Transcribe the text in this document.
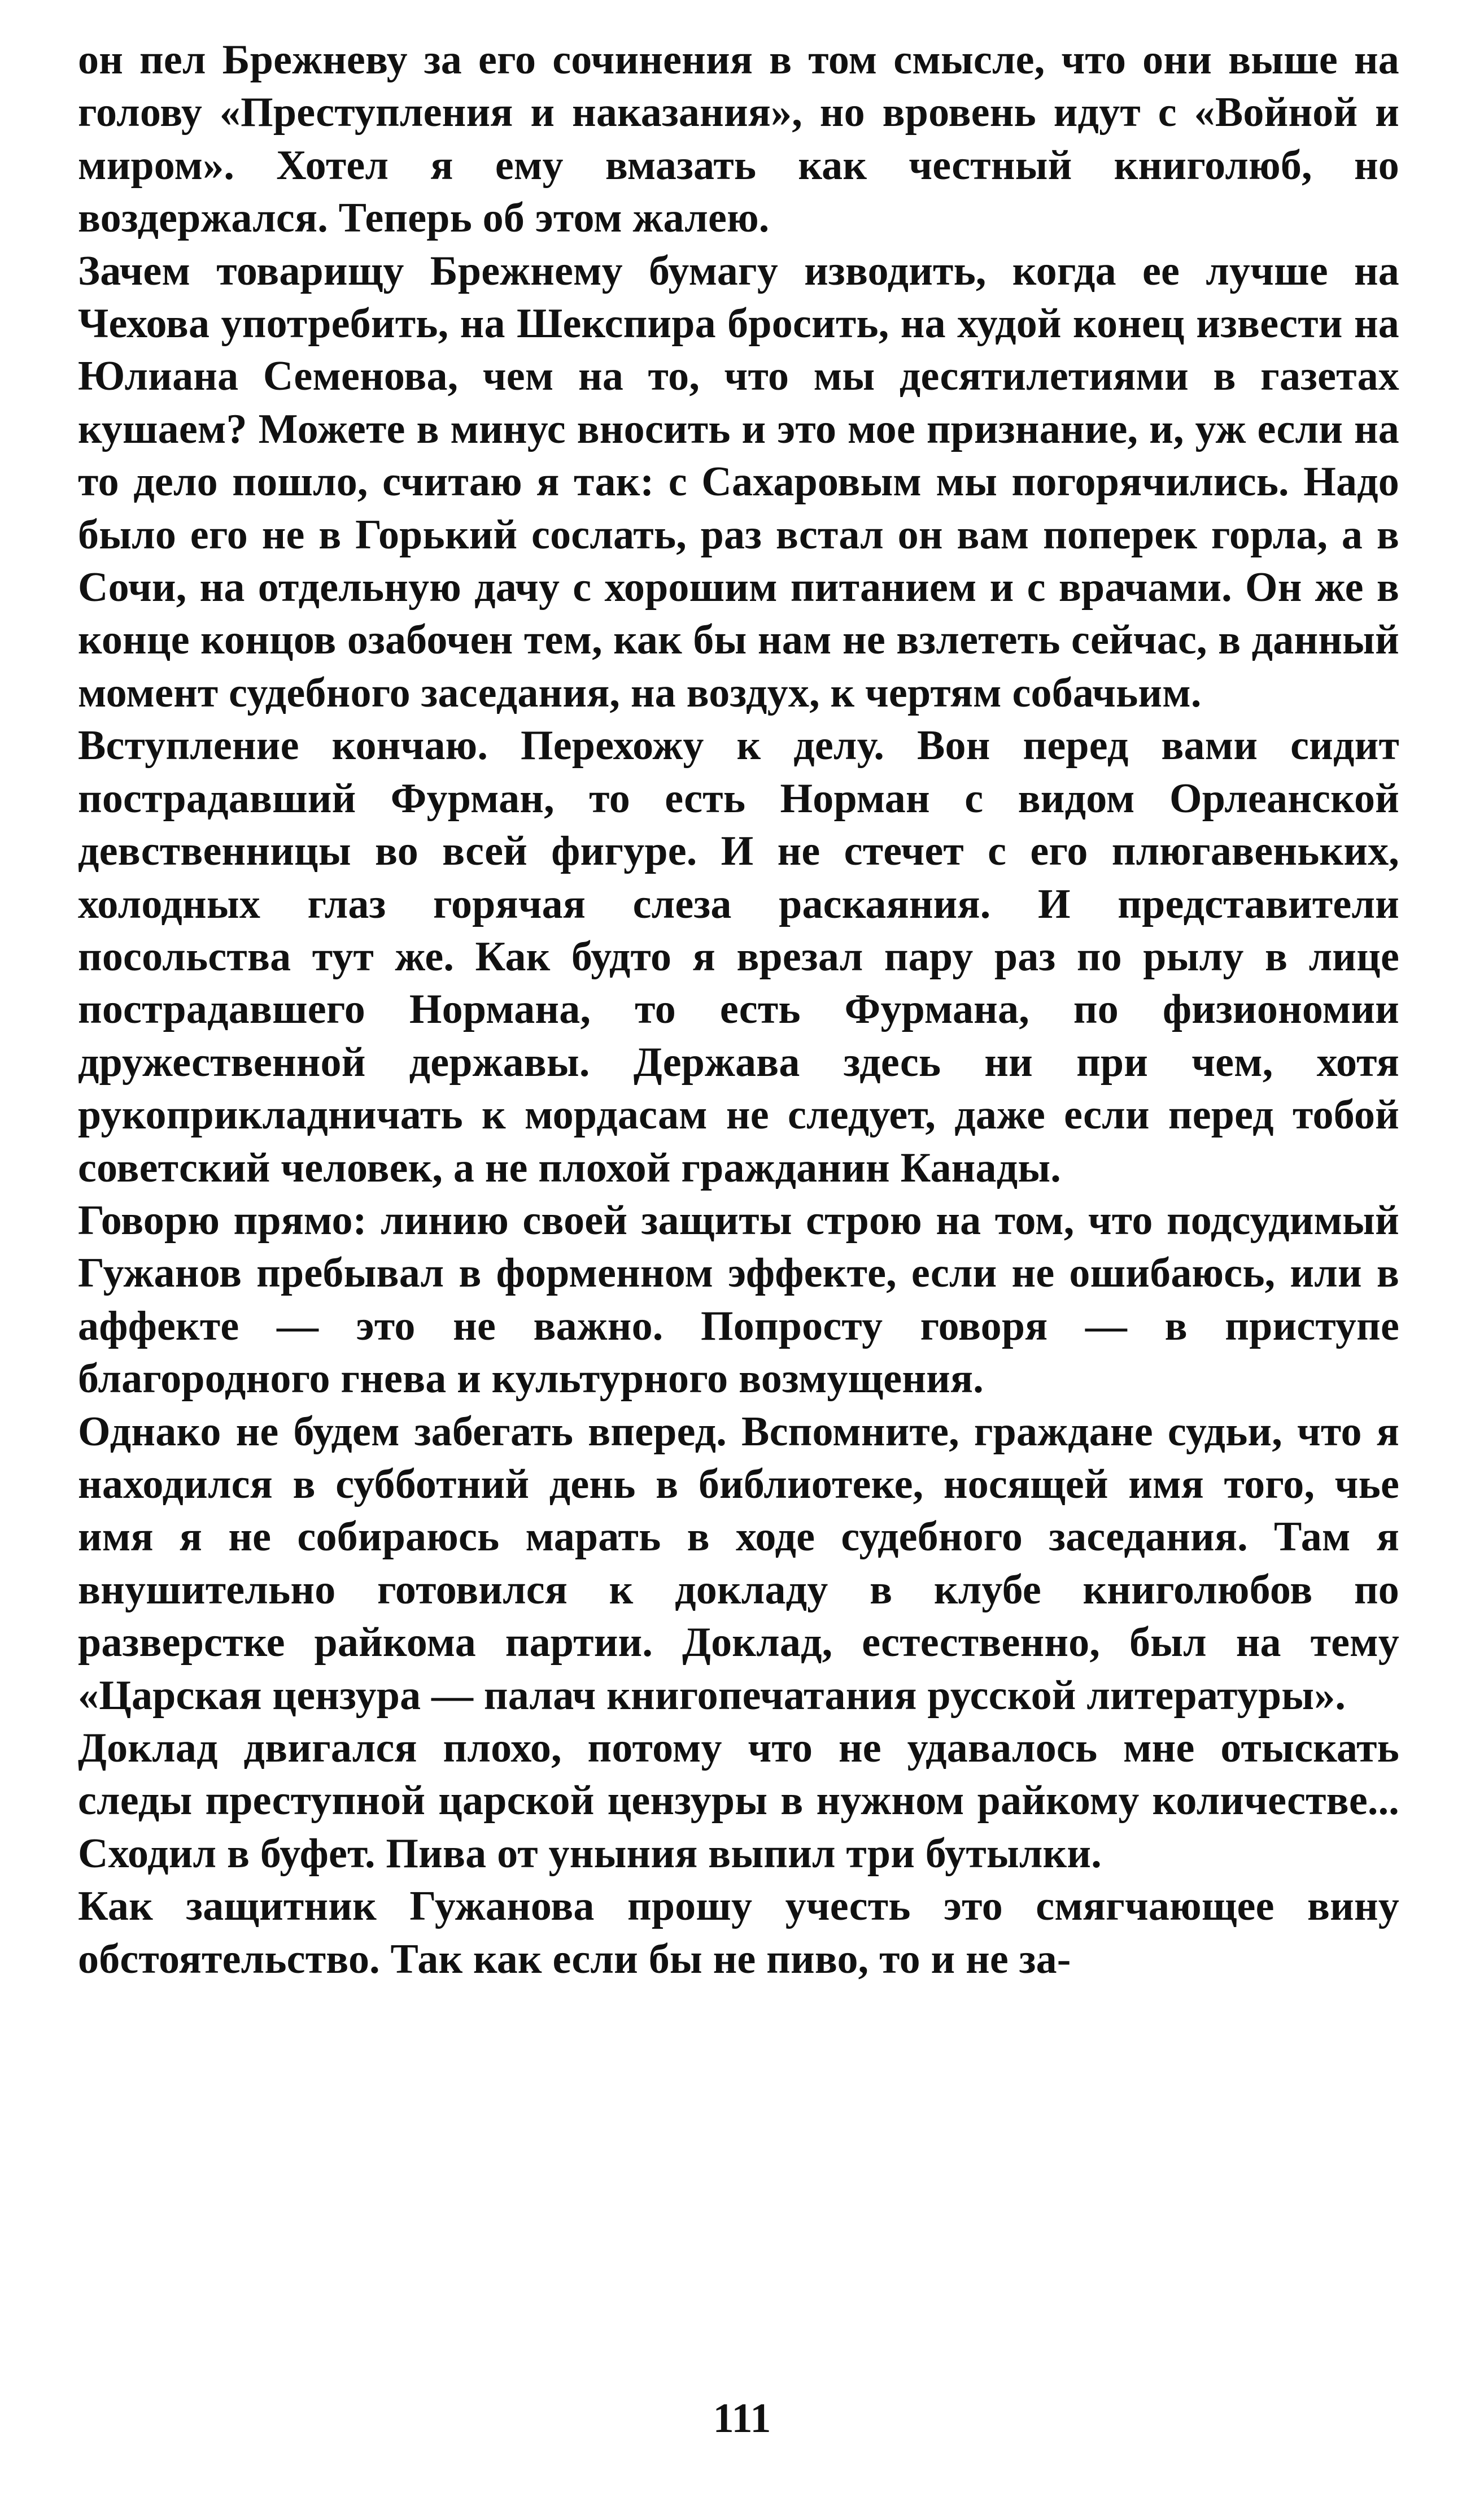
он пел Брежневу за его сочинения в том смысле, что они выше на голову «Преступления и наказания», но вровень идут с «Войной и миром». Хотел я ему вмазать как честный книголюб, но воздержался. Теперь об этом жалею.

Зачем товарищу Брежнему бумагу изводить, когда ее лучше на Чехова употребить, на Шекспира бросить, на худой конец извести на Юлиана Семенова, чем на то, что мы десятилетиями в газетах кушаем? Можете в минус вносить и это мое признание, и, уж если на то дело пошло, считаю я так: с Сахаровым мы погорячились. Надо было его не в Горький сослать, раз встал он вам поперек горла, а в Сочи, на отдельную дачу с хорошим питанием и с врачами. Он же в конце концов озабочен тем, как бы нам не взлететь сейчас, в данный момент судебного заседания, на воздух, к чертям собачьим.

Вступление кончаю. Перехожу к делу. Вон перед вами сидит пострадавший Фурман, то есть Норман с видом Орлеанской девственницы во всей фигуре. И не стечет с его плюгавеньких, холодных глаз горячая слеза раскаяния. И представители посольства тут же. Как будто я врезал пару раз по рылу в лице пострадавшего Нормана, то есть Фурмана, по физиономии дружественной державы. Держава здесь ни при чем, хотя рукоприкладничать к мордасам не следует, даже если перед тобой советский человек, а не плохой гражданин Канады.

Говорю прямо: линию своей защиты строю на том, что подсудимый Гужанов пребывал в форменном эффекте, если не ошибаюсь, или в аффекте — это не важно. Попросту говоря — в приступе благородного гнева и культурного возмущения.

Однако не будем забегать вперед. Вспомните, граждане судьи, что я находился в субботний день в библиотеке, носящей имя того, чье имя я не собираюсь марать в ходе судебного заседания. Там я внушительно готовился к докладу в клубе книголюбов по разверстке райкома партии. Доклад, естественно, был на тему «Царская цензура — палач книгопечатания русской литературы».

Доклад двигался плохо, потому что не удавалось мне отыскать следы преступной царской цензуры в нужном райкому количестве... Сходил в буфет. Пива от уныния выпил три бутылки.

Как защитник Гужанова прошу учесть это смягчающее вину обстоятельство. Так как если бы не пиво, то и не за-

111
